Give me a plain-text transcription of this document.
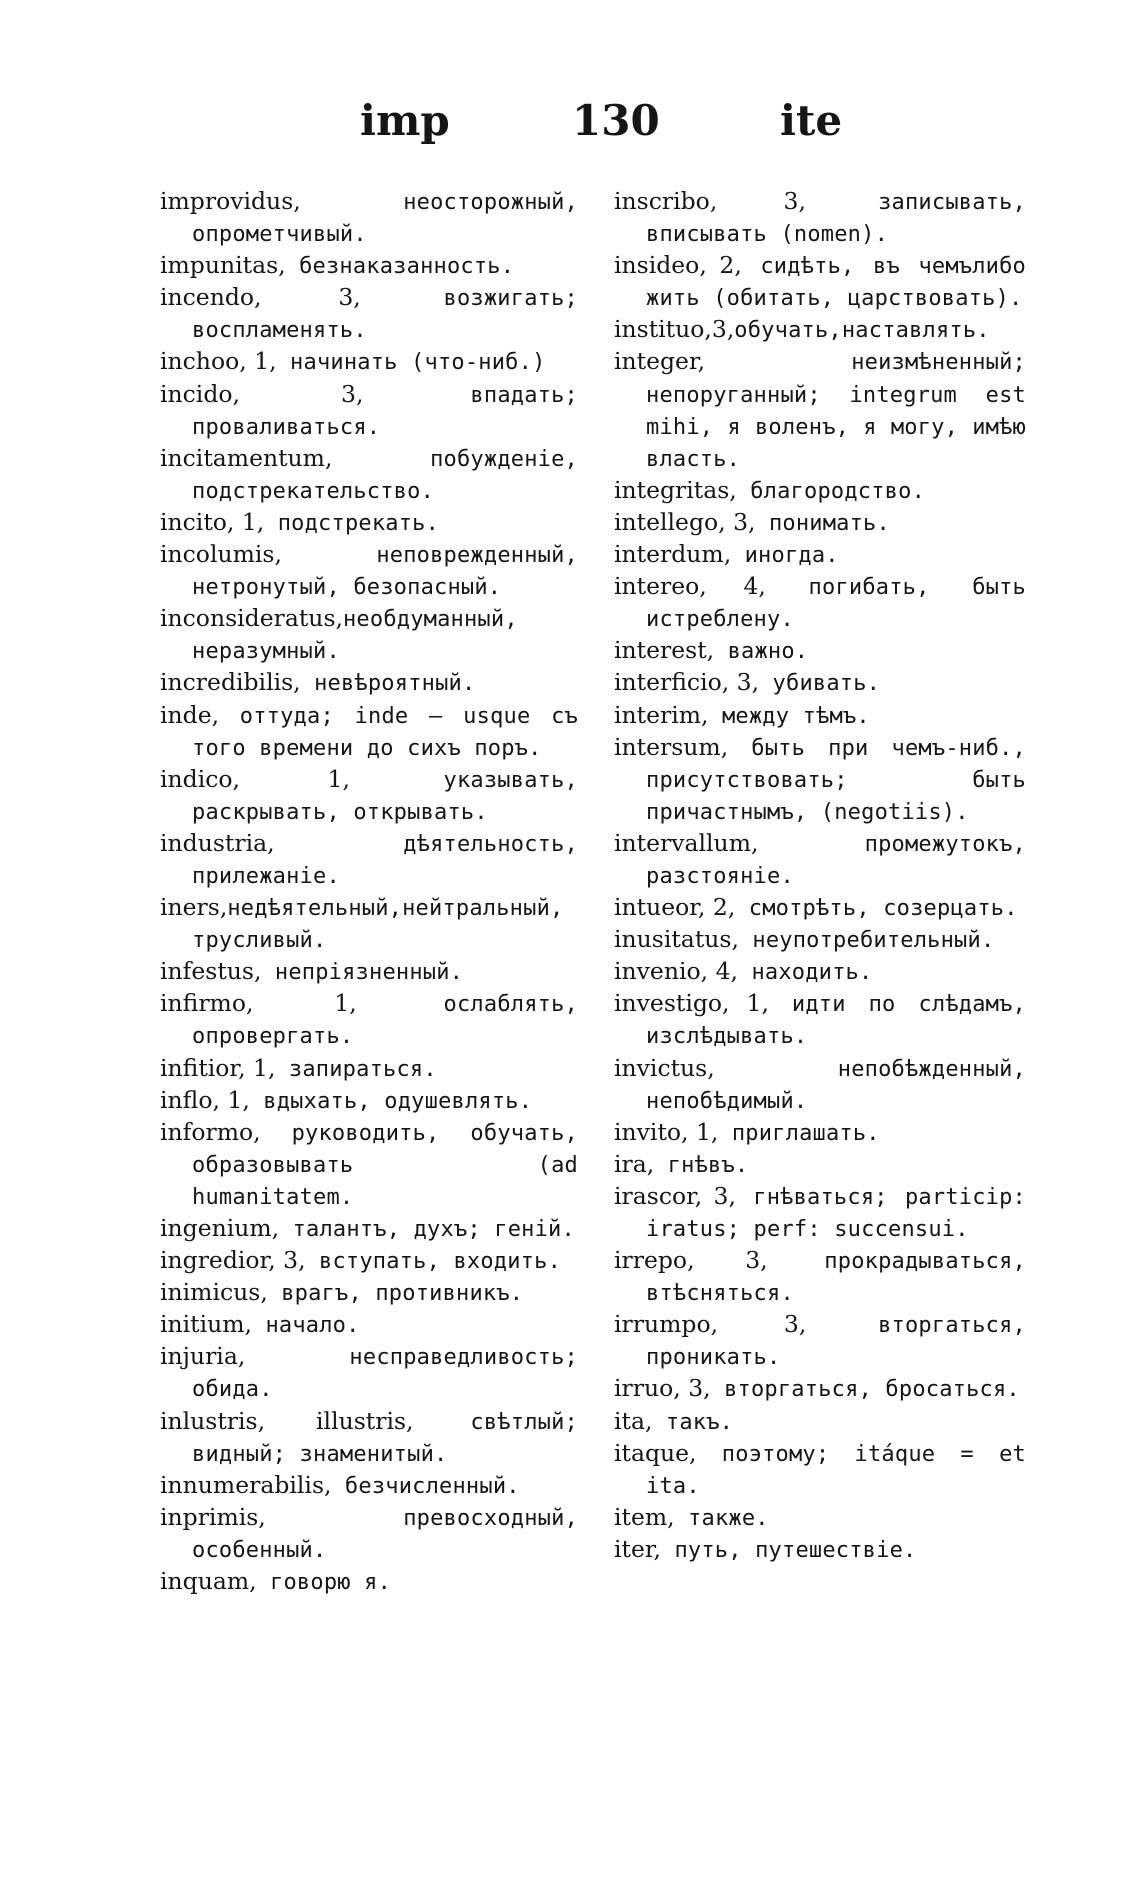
imp	130	ite

improvidus, неосторожный, опрометчивый.

impunitas, безнаказанность.

incendo, 3, возжигать; воспламенять.

inchoo, 1, начинать (что-ниб.)

incido, 3, впадать; проваливаться.

incitamentum, побужденіе, подстрекательство.

incito, 1, подстрекать.

incolumis, неповрежденный, нетронутый, безопасный.

inconsideratus,необдуманный, неразумный.

incredibilis, невѣроятный.

inde, оттуда; inde — usque съ того времени до сихъ поръ.

indico, 1, указывать, раскрывать, открывать.

industria, дѣятельность, прилежаніе.

iners,недѣятельный,нейтральный, трусливый.

infestus, непріязненный.

infirmo, 1, ослаблять, опровергать.

infitior, 1, запираться.

inflo, 1, вдыхать, одушевлять.

informo, руководить, обучать, образовывать (ad humanitatem.

ingenium, талантъ, духъ; геній.

ingredior, 3, вступать, входить.

inimicus, врагъ, противникъ.

initium, начало.

injuria, несправедливость; обида.

inlustris, illustris, свѣтлый; видный; знаменитый.

innumerabilis, безчисленный.

inprimis, превосходный, особенный.

inquam, говорю я.

inscribo, 3, записывать, вписывать (nomen).

insideo, 2, сидѣть, въ чемълибо жить (обитать, царствовать).

instituo,3,обучать,наставлять.

integer, неизмѣненный; непоруганный; integrum est mihi, я воленъ, я могу, имѣю власть.

integritas, благородство.

intellego, 3, понимать.

interdum, иногда.

intereo, 4, погибать, быть истреблену.

interest, важно.

interficio, 3, убивать.

interim, между тѣмъ.

intersum, быть при чемъ-ниб., присутствовать; быть причастнымъ, (negotiis).

intervallum, промежутокъ, разстояніе.

intueor, 2, смотрѣть, созерцать.

inusitatus, неупотребительный.

invenio, 4, находить.

investigo, 1, идти по слѣдамъ, изслѣдывать.

invictus, непобѣжденный, непобѣдимый.

invito, 1, приглашать.

ira, гнѣвъ.

irascor, 3, гнѣваться; particip: iratus; perf: succensui.

irrepo, 3, прокрадываться, втѣсняться.

irrumpo, 3, вторгаться, проникать.

irruo, 3, вторгаться, бросаться.

ita, такъ.

itaque, поэтому; itáque = et ita.

item, также.

iter, путь, путешествіе.
